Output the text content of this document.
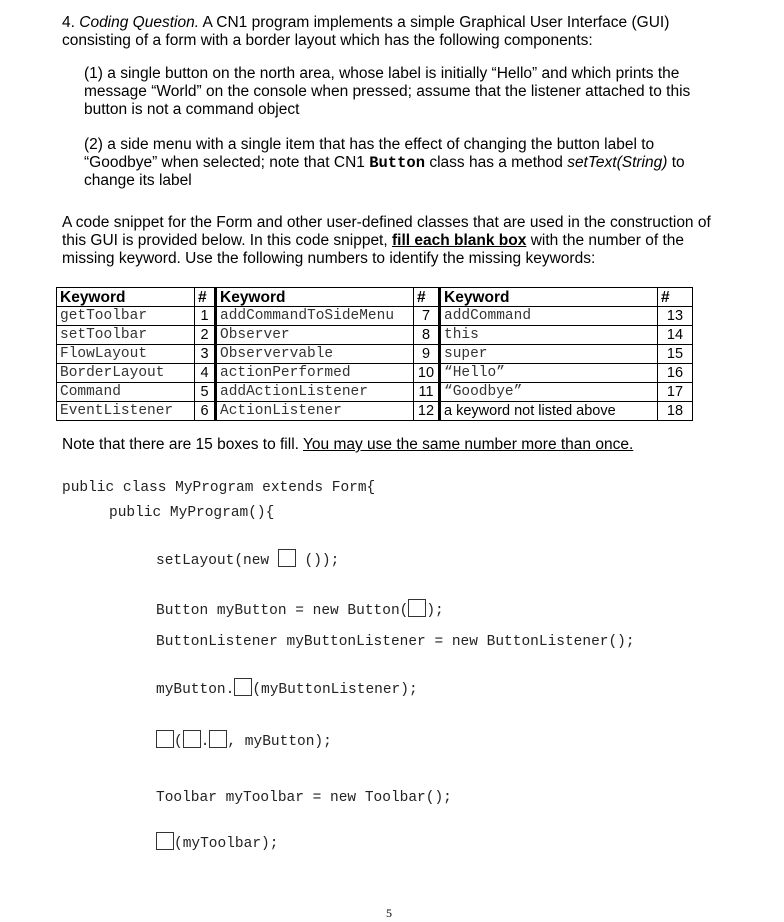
4. Coding Question. A CN1 program implements a simple Graphical User Interface (GUI) consisting of a form with a border layout which has the following components:
(1) a single button on the north area, whose label is initially “Hello” and which prints the message “World” on the console when pressed; assume that the listener attached to this button is not a command object
(2) a side menu with a single item that has the effect of changing the button label to “Goodbye” when selected; note that CN1 Button class has a method setText(String) to change its label
A code snippet for the Form and other user-defined classes that are used in the construction of this GUI is provided below. In this code snippet, fill each blank box with the number of the missing keyword. Use the following numbers to identify the missing keywords:
Keyword	#	Keyword	#	Keyword	#
getToolbar	1	addCommandToSideMenu	7	addCommand	13
setToolbar	2	Observer	8	this	14
FlowLayout	3	Observervable	9	super	15
BorderLayout	4	actionPerformed	10	“Hello”	16
Command	5	addActionListener	11	“Goodbye”	17
EventListener	6	ActionListener	12	a keyword not listed above	18
Note that there are 15 boxes to fill. You may use the same number more than once.
public class MyProgram extends Form{
public MyProgram(){
setLayout(new ());
Button myButton = new Button( );
ButtonListener myButtonListener = new ButtonListener();
myButton. (myButtonListener);
( . , myButton);
Toolbar myToolbar = new Toolbar();
(myToolbar);
5
